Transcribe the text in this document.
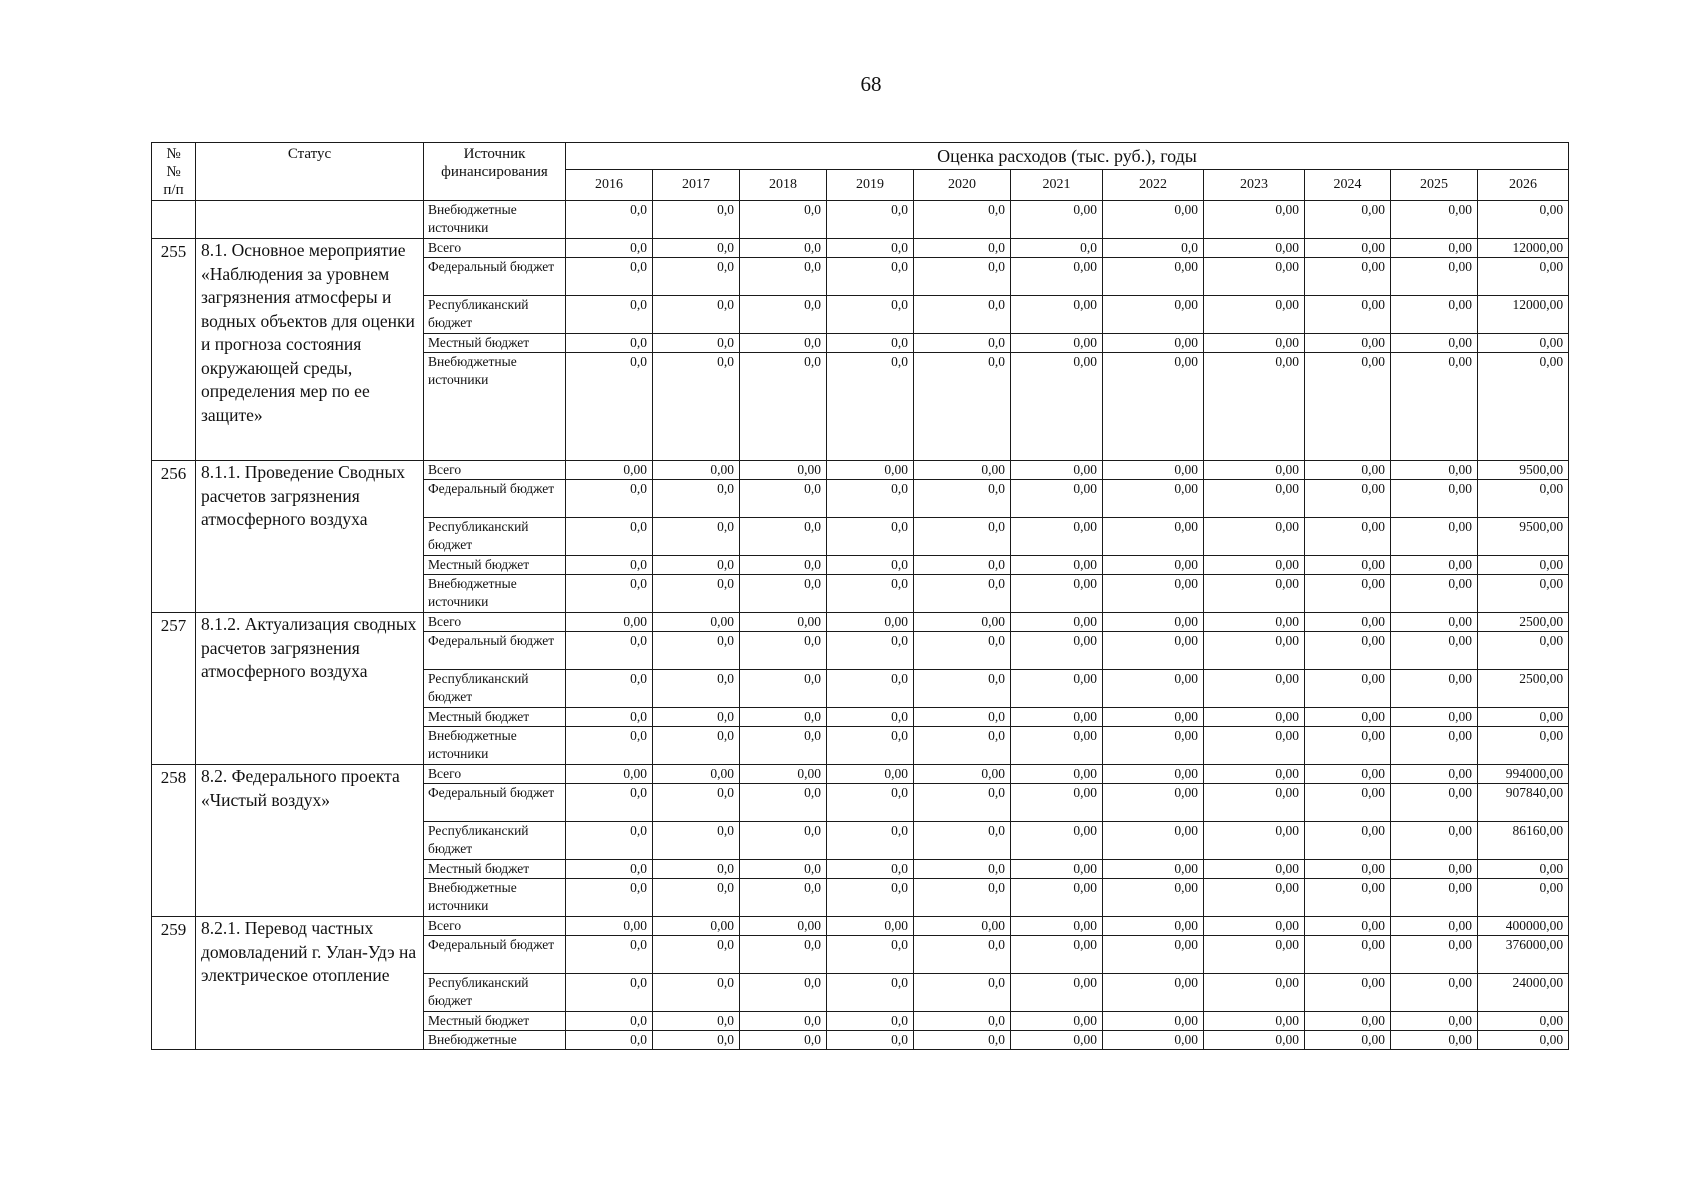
68
№
№
п/п	Статус	Источник финансирования	Оценка расходов (тыс. руб.), годы										
			2016	2017	2018	2019	2020	2021	2022	2023	2024	2025	2026
		Внебюджетные источники	0,0	0,0	0,0	0,0	0,0	0,00	0,00	0,00	0,00	0,00	0,00
255	8.1. Основное мероприятие «Наблюдения за уровнем загрязнения атмосферы и водных объектов для оценки и прогноза состояния окружающей среды, определения мер по ее защите»	Всего	0,0	0,0	0,0	0,0	0,0	0,0	0,0	0,00	0,00	0,00	12000,00
		Федеральный бюджет	0,0	0,0	0,0	0,0	0,0	0,00	0,00	0,00	0,00	0,00	0,00
		Республиканский бюджет	0,0	0,0	0,0	0,0	0,0	0,00	0,00	0,00	0,00	0,00	12000,00
		Местный бюджет	0,0	0,0	0,0	0,0	0,0	0,00	0,00	0,00	0,00	0,00	0,00
		Внебюджетные источники	0,0	0,0	0,0	0,0	0,0	0,00	0,00	0,00	0,00	0,00	0,00
256	8.1.1. Проведение Сводных расчетов загрязнения атмосферного воздуха	Всего	0,00	0,00	0,00	0,00	0,00	0,00	0,00	0,00	0,00	0,00	9500,00
		Федеральный бюджет	0,0	0,0	0,0	0,0	0,0	0,00	0,00	0,00	0,00	0,00	0,00
		Республиканский бюджет	0,0	0,0	0,0	0,0	0,0	0,00	0,00	0,00	0,00	0,00	9500,00
		Местный бюджет	0,0	0,0	0,0	0,0	0,0	0,00	0,00	0,00	0,00	0,00	0,00
		Внебюджетные источники	0,0	0,0	0,0	0,0	0,0	0,00	0,00	0,00	0,00	0,00	0,00
257	8.1.2. Актуализация сводных расчетов загрязнения атмосферного воздуха	Всего	0,00	0,00	0,00	0,00	0,00	0,00	0,00	0,00	0,00	0,00	2500,00
		Федеральный бюджет	0,0	0,0	0,0	0,0	0,0	0,00	0,00	0,00	0,00	0,00	0,00
		Республиканский бюджет	0,0	0,0	0,0	0,0	0,0	0,00	0,00	0,00	0,00	0,00	2500,00
		Местный бюджет	0,0	0,0	0,0	0,0	0,0	0,00	0,00	0,00	0,00	0,00	0,00
		Внебюджетные источники	0,0	0,0	0,0	0,0	0,0	0,00	0,00	0,00	0,00	0,00	0,00
258	8.2. Федерального проекта «Чистый воздух»	Всего	0,00	0,00	0,00	0,00	0,00	0,00	0,00	0,00	0,00	0,00	994000,00
		Федеральный бюджет	0,0	0,0	0,0	0,0	0,0	0,00	0,00	0,00	0,00	0,00	907840,00
		Республиканский бюджет	0,0	0,0	0,0	0,0	0,0	0,00	0,00	0,00	0,00	0,00	86160,00
		Местный бюджет	0,0	0,0	0,0	0,0	0,0	0,00	0,00	0,00	0,00	0,00	0,00
		Внебюджетные источники	0,0	0,0	0,0	0,0	0,0	0,00	0,00	0,00	0,00	0,00	0,00
259	8.2.1. Перевод частных домовладений г. Улан-Удэ на электрическое отопление	Всего	0,00	0,00	0,00	0,00	0,00	0,00	0,00	0,00	0,00	0,00	400000,00
		Федеральный бюджет	0,0	0,0	0,0	0,0	0,0	0,00	0,00	0,00	0,00	0,00	376000,00
		Республиканский бюджет	0,0	0,0	0,0	0,0	0,0	0,00	0,00	0,00	0,00	0,00	24000,00
		Местный бюджет	0,0	0,0	0,0	0,0	0,0	0,00	0,00	0,00	0,00	0,00	0,00
		Внебюджетные	0,0	0,0	0,0	0,0	0,0	0,00	0,00	0,00	0,00	0,00	0,00
